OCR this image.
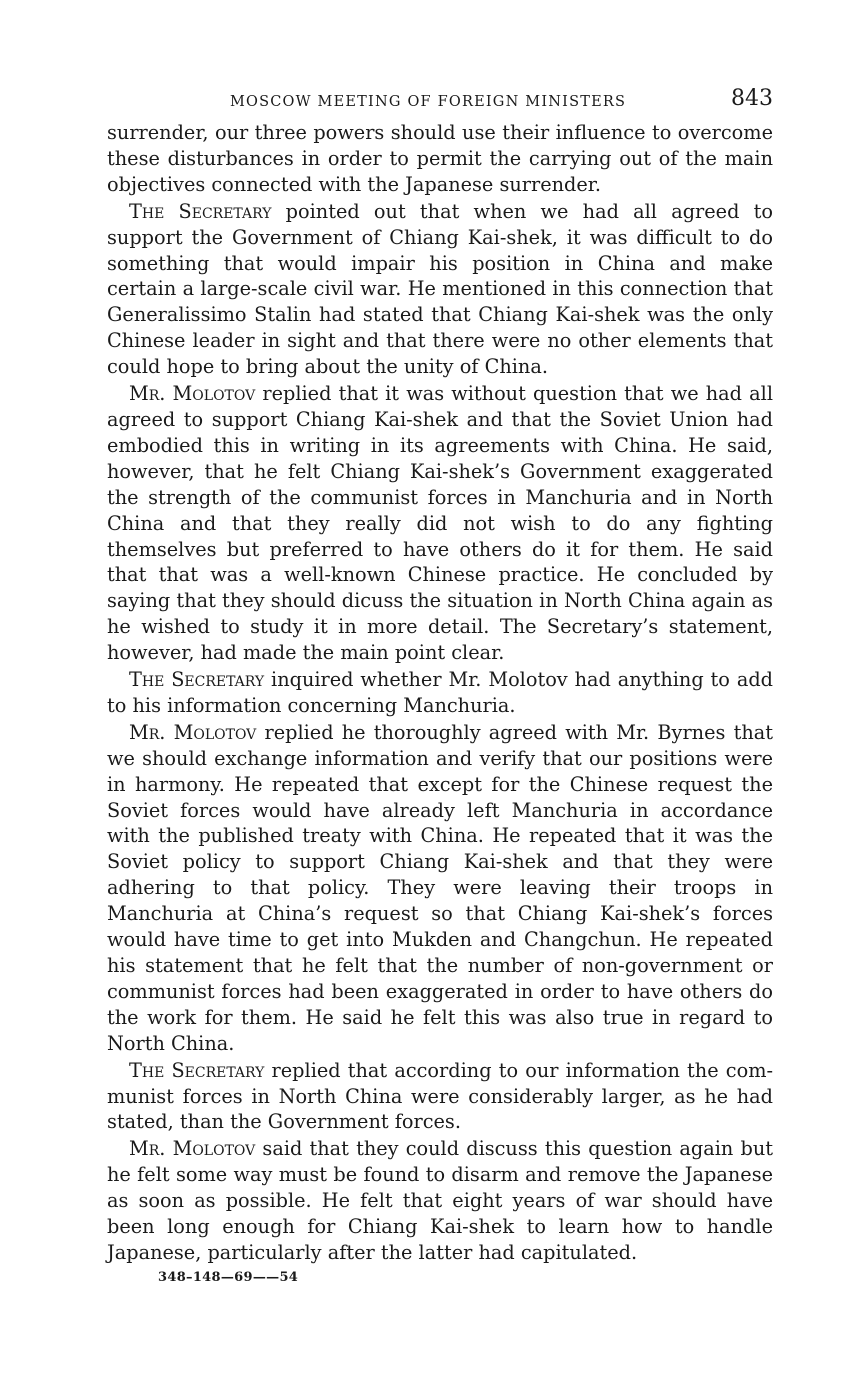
MOSCOW MEETING OF FOREIGN MINISTERS	843

surrender, our three powers should use their influence to overcome these disturbances in order to permit the carrying out of the main objectives connected with the Japanese surrender.

The Secretary pointed out that when we had all agreed to support the Government of Chiang Kai-shek, it was difficult to do something that would impair his position in China and make certain a large-scale civil war. He mentioned in this connection that Generalissimo Stalin had stated that Chiang Kai-shek was the only Chinese leader in sight and that there were no other elements that could hope to bring about the unity of China.

Mr. Molotov replied that it was without question that we had all agreed to support Chiang Kai-shek and that the Soviet Union had embodied this in writing in its agreements with China. He said, however, that he felt Chiang Kai-shek’s Government exaggerated the strength of the communist forces in Manchuria and in North China and that they really did not wish to do any fighting themselves but preferred to have others do it for them. He said that that was a well-known Chinese practice. He concluded by saying that they should dicuss the situation in North China again as he wished to study it in more detail. The Secretary’s statement, however, had made the main point clear.

The Secretary inquired whether Mr. Molotov had anything to add to his information concerning Manchuria.

Mr. Molotov replied he thoroughly agreed with Mr. Byrnes that we should exchange information and verify that our positions were in harmony. He repeated that except for the Chinese request the Soviet forces would have already left Manchuria in accordance with the published treaty with China. He repeated that it was the Soviet policy to support Chiang Kai-shek and that they were adhering to that policy. They were leaving their troops in Manchuria at China’s request so that Chiang Kai-shek’s forces would have time to get into Mukden and Changchun. He repeated his statement that he felt that the number of non-government or communist forces had been exaggerated in order to have others do the work for them. He said he felt this was also true in regard to North China.

The Secretary replied that according to our information the communist forces in North China were considerably larger, as he had stated, than the Government forces.

Mr. Molotov said that they could discuss this question again but he felt some way must be found to disarm and remove the Japanese as soon as possible. He felt that eight years of war should have been long enough for Chiang Kai-shek to learn how to handle Japanese, particularly after the latter had capitulated.

348–148—69——54
